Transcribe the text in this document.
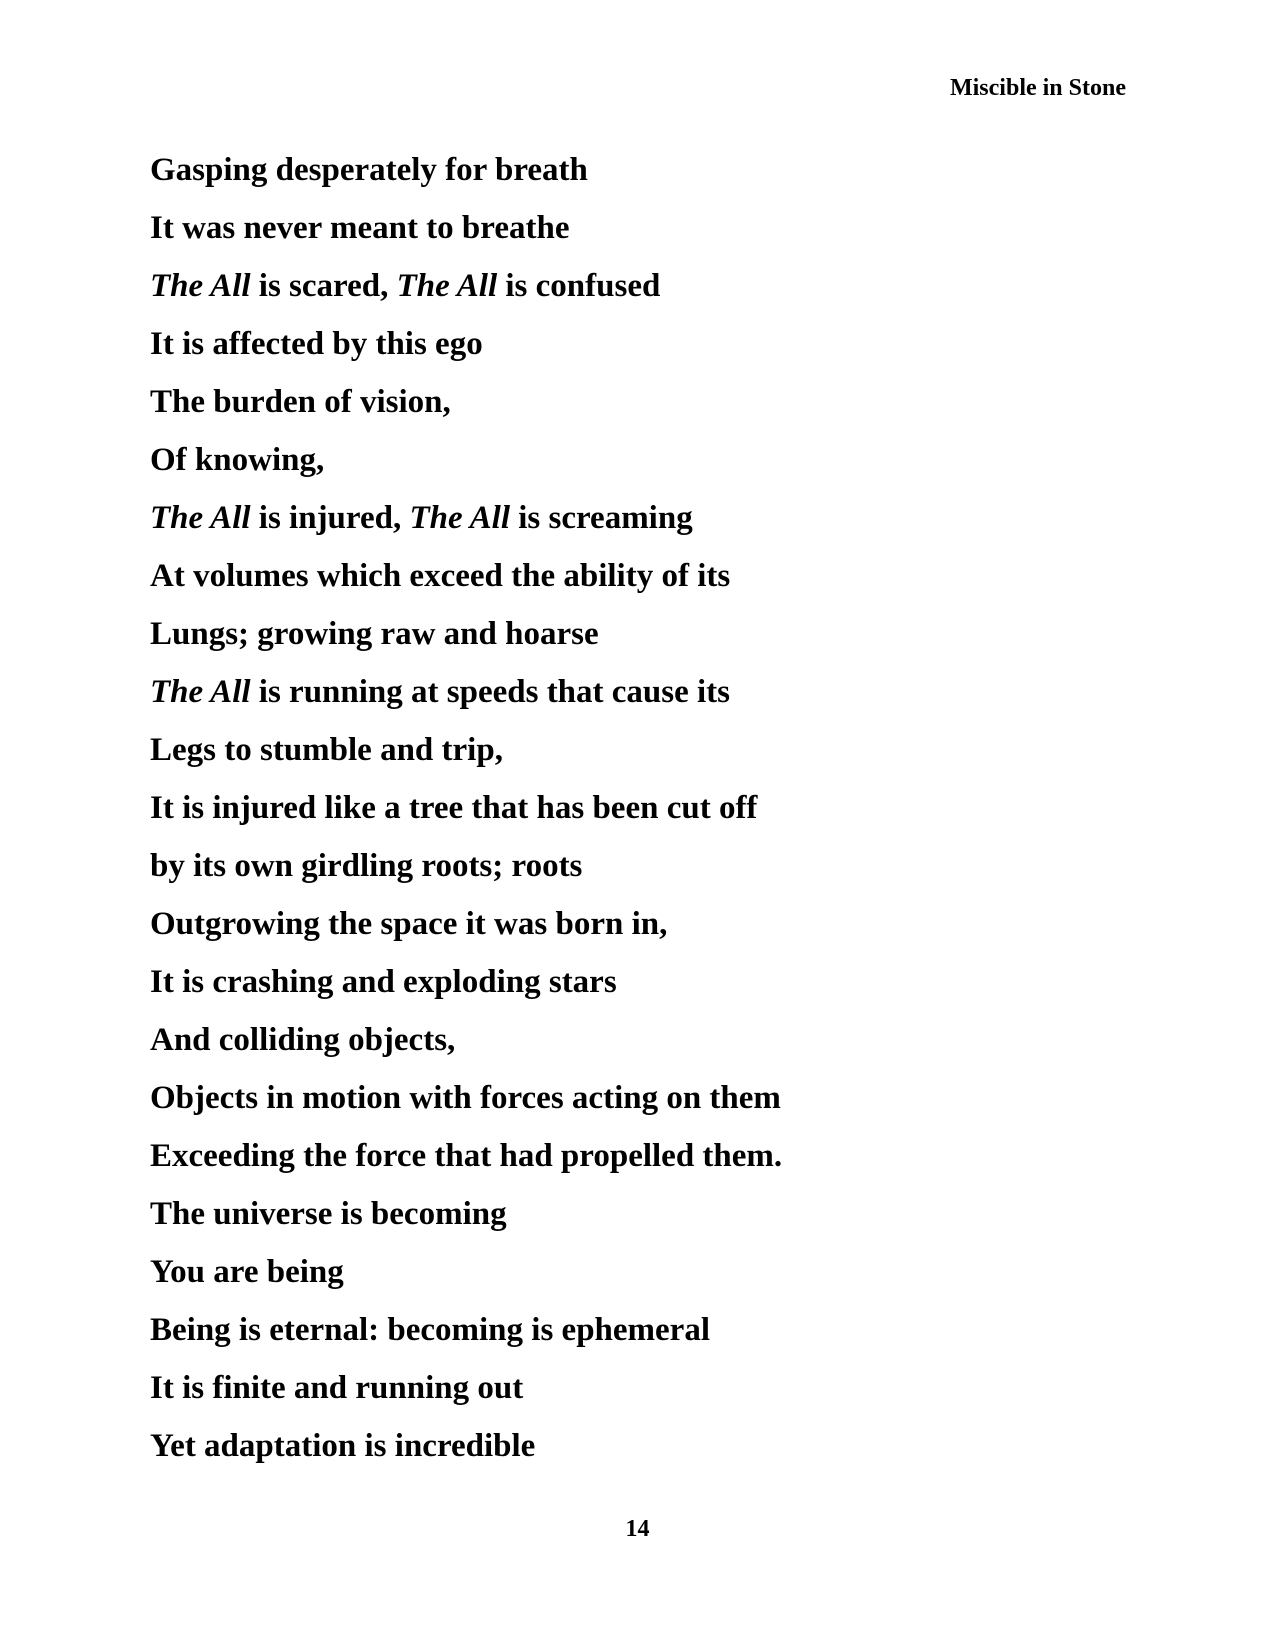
Miscible in Stone
Gasping desperately for breath
It was never meant to breathe
The All is scared, The All is confused
It is affected by this ego
The burden of vision,
Of knowing,
The All is injured, The All is screaming
At volumes which exceed the ability of its
Lungs; growing raw and hoarse
The All is running at speeds that cause its
Legs to stumble and trip,
It is injured like a tree that has been cut off
by its own girdling roots; roots
Outgrowing the space it was born in,
It is crashing and exploding stars
And colliding objects,
Objects in motion with forces acting on them
Exceeding the force that had propelled them.
The universe is becoming
You are being
Being is eternal: becoming is ephemeral
It is finite and running out
Yet adaptation is incredible
14
